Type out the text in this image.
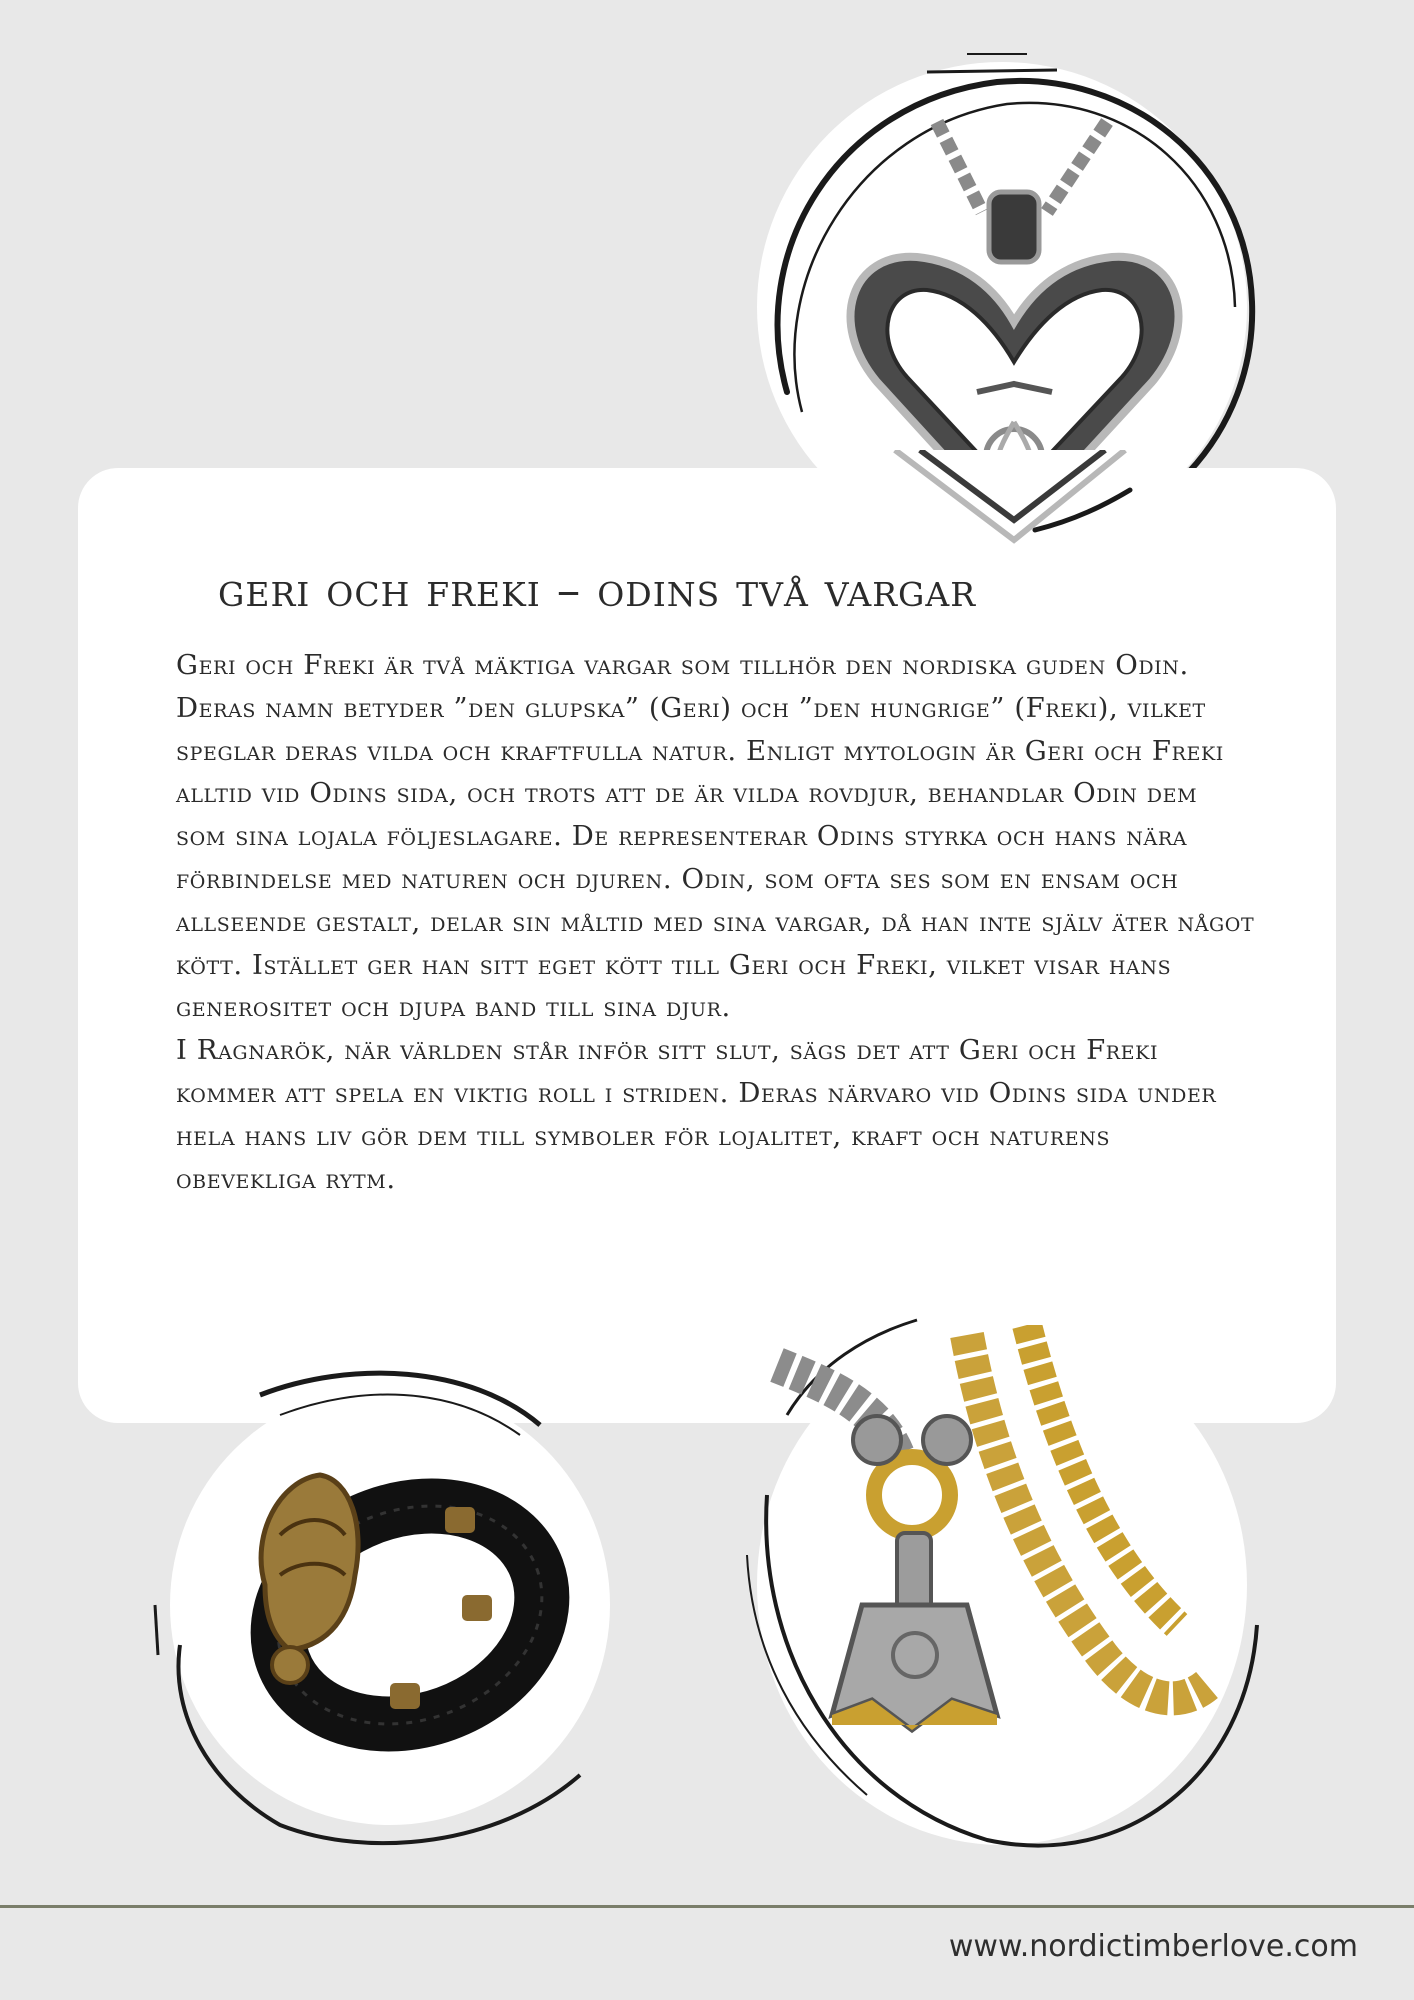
geri och freki – odins två vargar

Geri och Freki är två mäktiga vargar som tillhör den nordiska guden Odin. Deras namn betyder ”den glupska” (Geri) och ”den hungrige” (Freki), vilket speglar deras vilda och kraftfulla natur. Enligt mytologin är Geri och Freki alltid vid Odins sida, och trots att de är vilda rovdjur, behandlar Odin dem som sina lojala följeslagare. De representerar Odins styrka och hans nära förbindelse med naturen och djuren. Odin, som ofta ses som en ensam och allseende gestalt, delar sin måltid med sina vargar, då han inte själv äter något kött. Istället ger han sitt eget kött till Geri och Freki, vilket visar hans generositet och djupa band till sina djur.

I Ragnarök, när världen står inför sitt slut, sägs det att Geri och Freki kommer att spela en viktig roll i striden. Deras närvaro vid Odins sida under hela hans liv gör dem till symboler för lojalitet, kraft och naturens obevekliga rytm.

www.nordictimberlove.com
